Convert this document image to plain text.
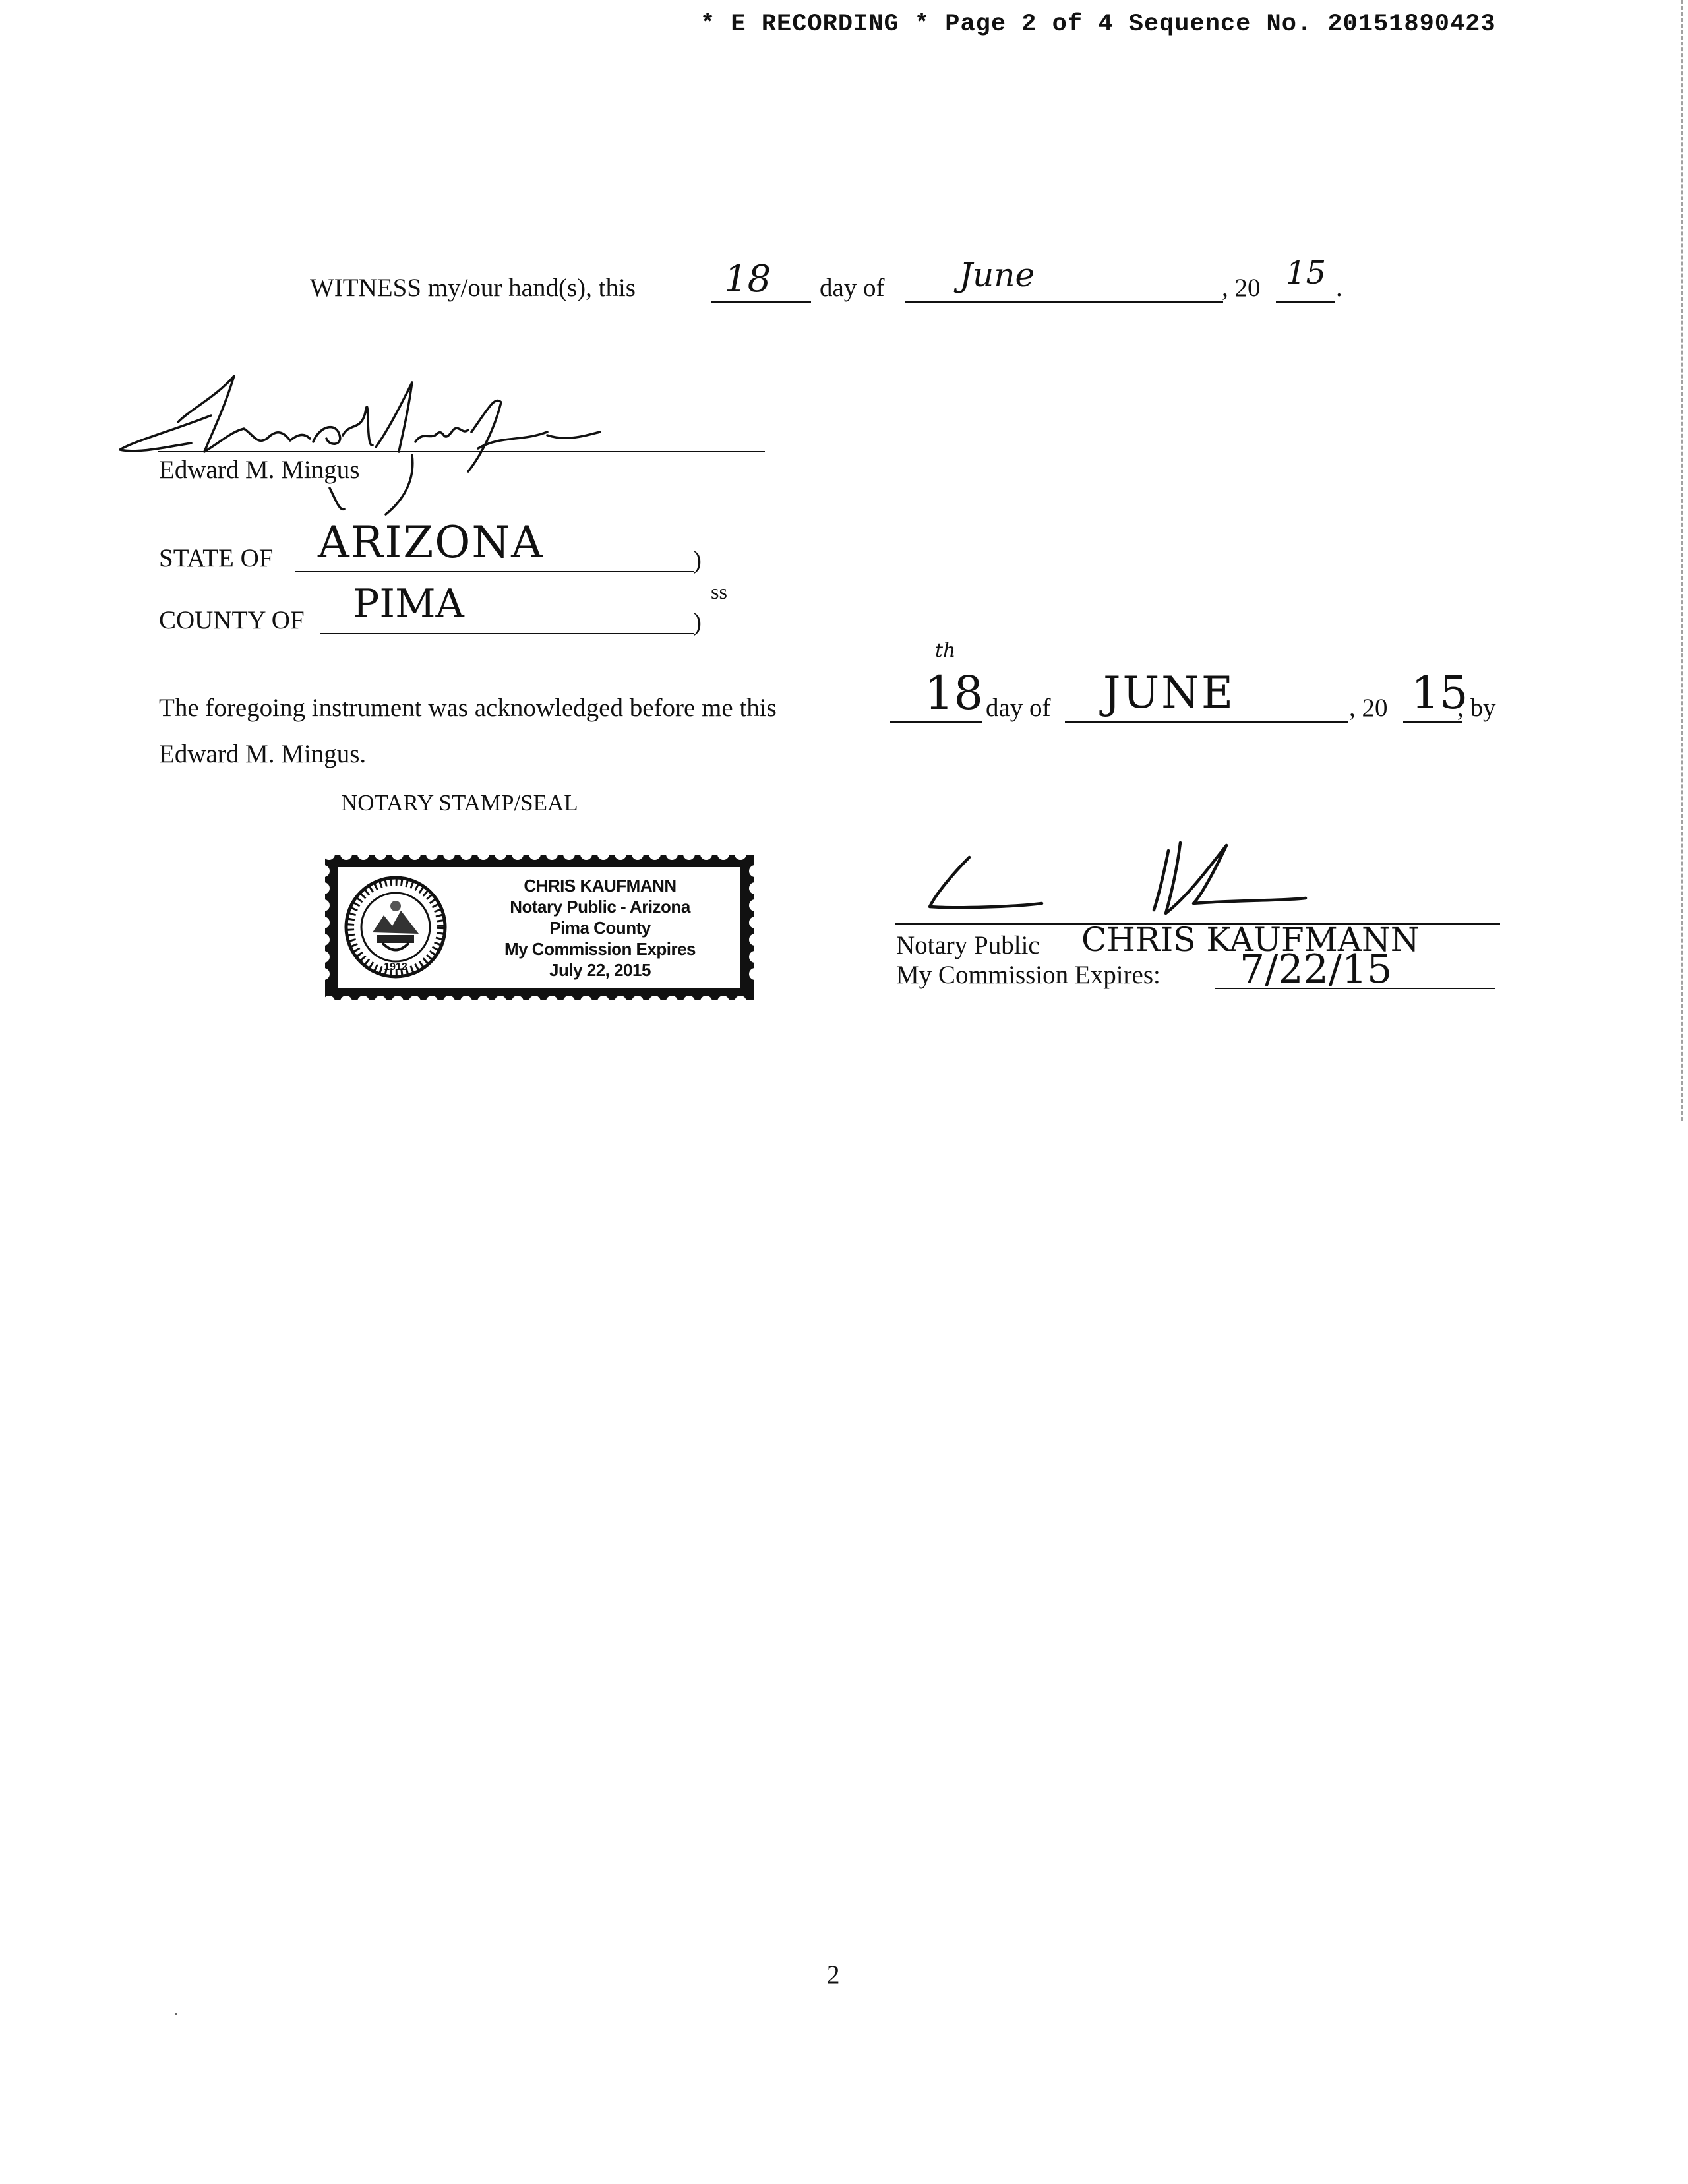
* E RECORDING * Page 2 of 4 Sequence No. 20151890423
WITNESS my/our hand(s), this 18 day of June	, 20 15 .
Edward M. Mingus
Edward M. Mingus
STATE OF ARIZONA	)
ss
COUNTY OF PIMA	)
The foregoing instrument was acknowledged before me this	18
th
day of JUNE	, 20 15
, by
Edward M. Mingus.
NOTARY STAMP/SEAL
1912
CHRIS KAUFMANN
Notary Public - Arizona
Pima County
My Commission Expires
July 22, 2015
Notary Public CHRIS KAUFMANN
My Commission Expires: 7/22/15
2
